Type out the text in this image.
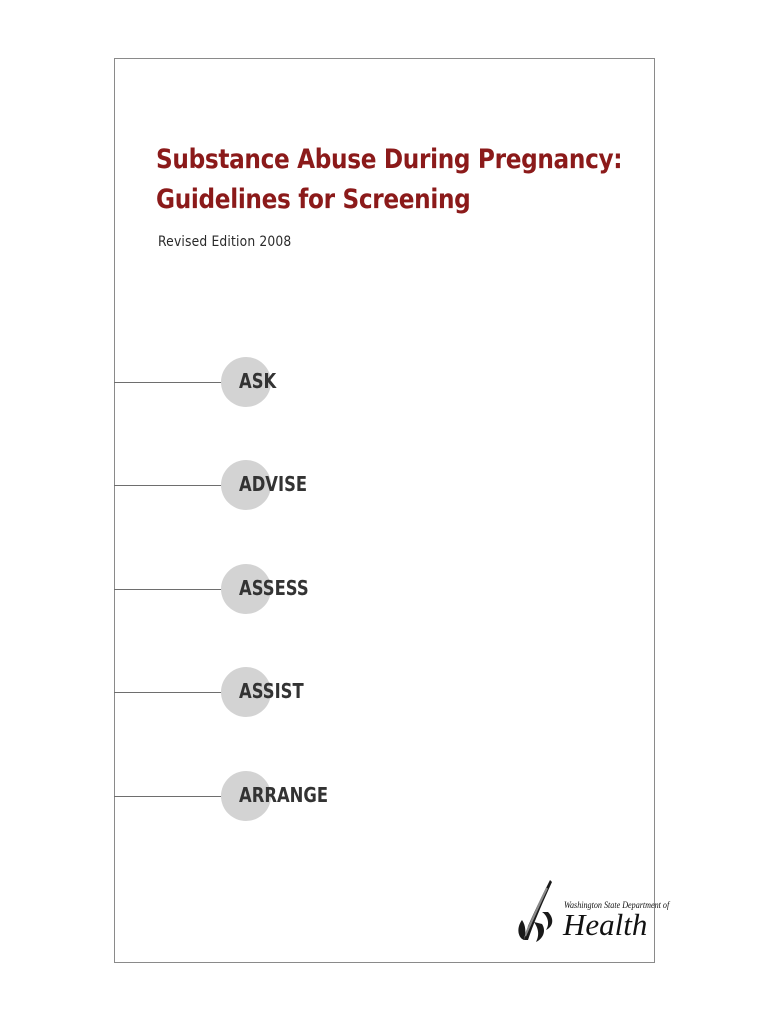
Substance Abuse During Pregnancy:
Guidelines for Screening
Revised Edition 2008
ASK
ADVISE
ASSESS
ASSIST
ARRANGE
Washington State Department of
Health
